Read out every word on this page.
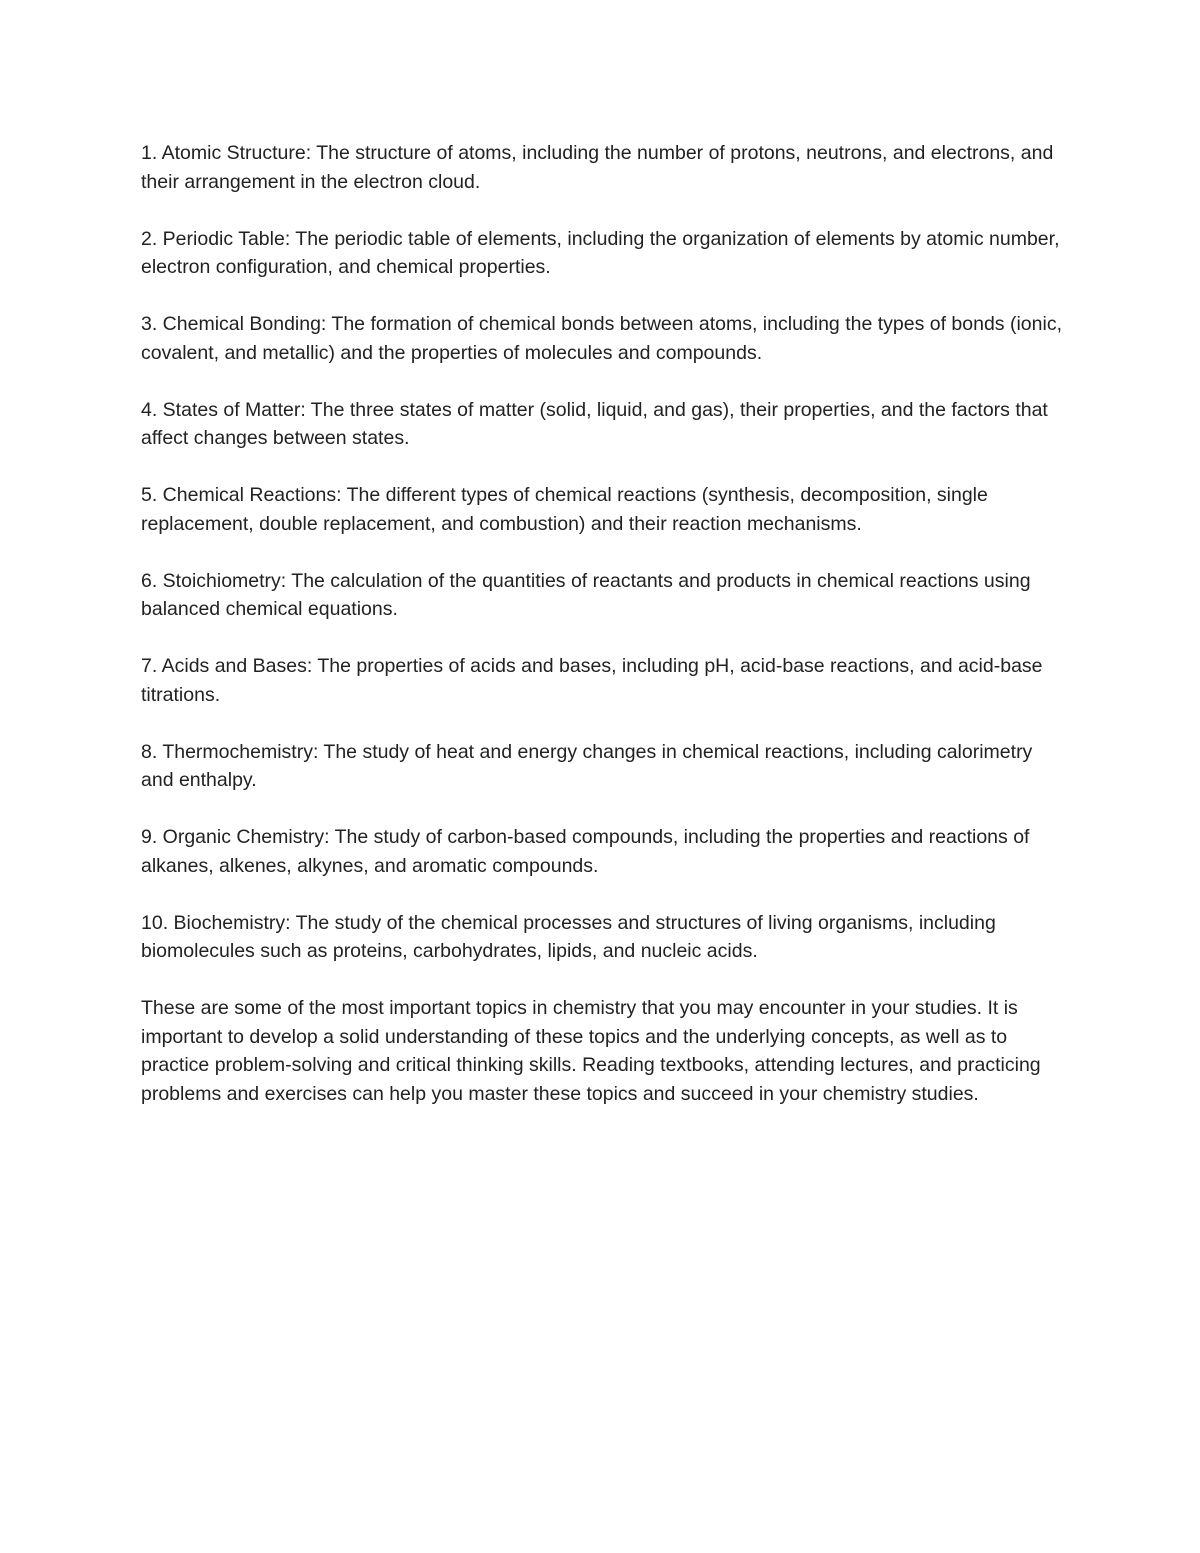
1. Atomic Structure: The structure of atoms, including the number of protons, neutrons, and electrons, and their arrangement in the electron cloud.

2. Periodic Table: The periodic table of elements, including the organization of elements by atomic number, electron configuration, and chemical properties.

3. Chemical Bonding: The formation of chemical bonds between atoms, including the types of bonds (ionic, covalent, and metallic) and the properties of molecules and compounds.

4. States of Matter: The three states of matter (solid, liquid, and gas), their properties, and the factors that affect changes between states.

5. Chemical Reactions: The different types of chemical reactions (synthesis, decomposition, single replacement, double replacement, and combustion) and their reaction mechanisms.

6. Stoichiometry: The calculation of the quantities of reactants and products in chemical reactions using balanced chemical equations.

7. Acids and Bases: The properties of acids and bases, including pH, acid-base reactions, and acid-base titrations.

8. Thermochemistry: The study of heat and energy changes in chemical reactions, including calorimetry and enthalpy.

9. Organic Chemistry: The study of carbon-based compounds, including the properties and reactions of alkanes, alkenes, alkynes, and aromatic compounds.

10. Biochemistry: The study of the chemical processes and structures of living organisms, including biomolecules such as proteins, carbohydrates, lipids, and nucleic acids.

These are some of the most important topics in chemistry that you may encounter in your studies. It is important to develop a solid understanding of these topics and the underlying concepts, as well as to practice problem-solving and critical thinking skills. Reading textbooks, attending lectures, and practicing problems and exercises can help you master these topics and succeed in your chemistry studies.
